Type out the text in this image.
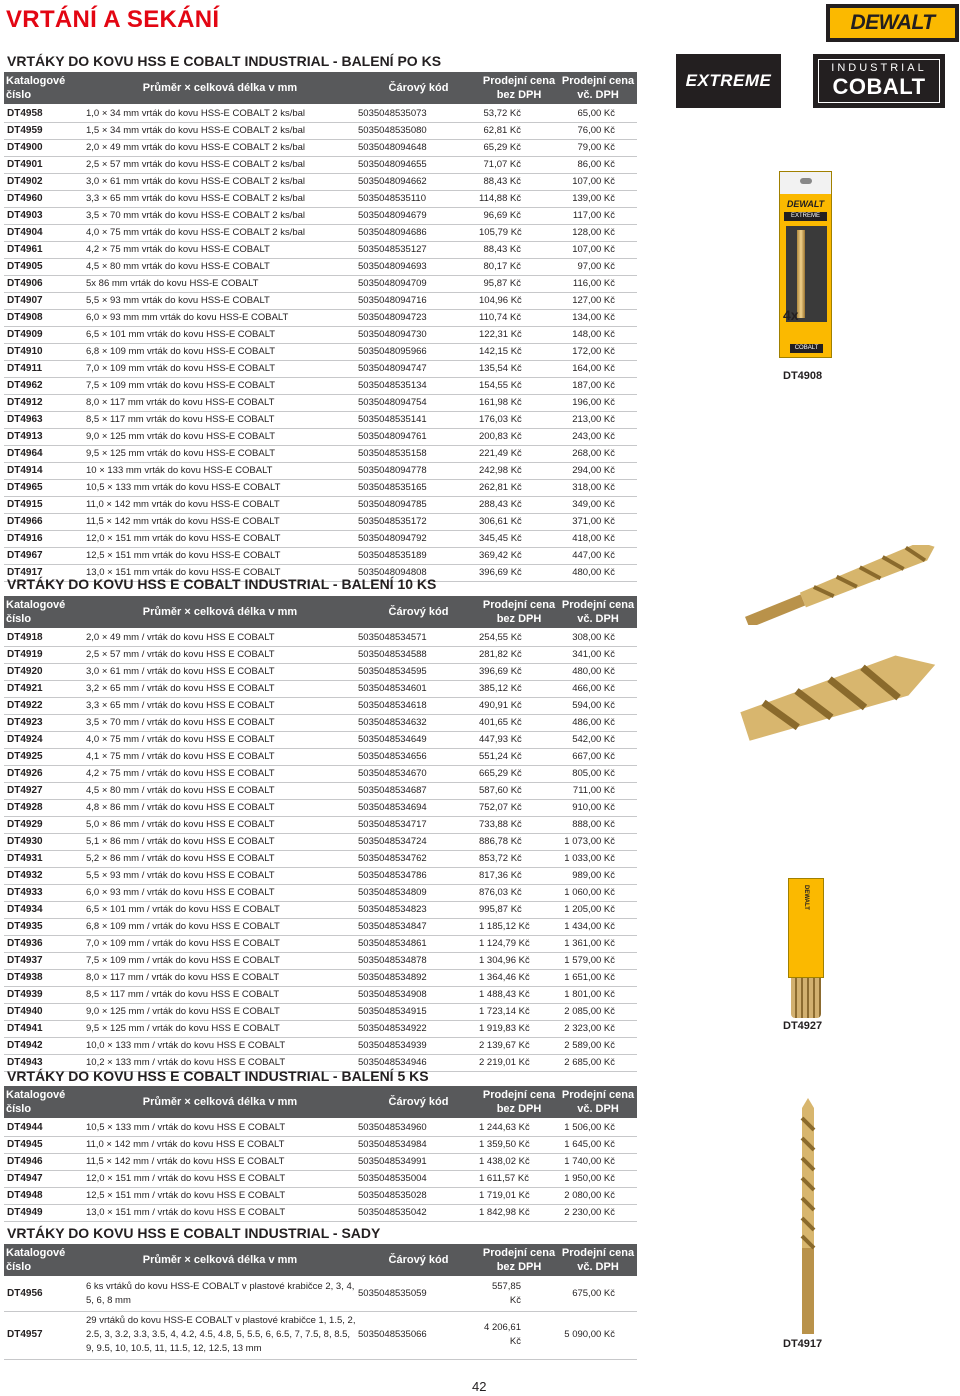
VRTÁNÍ A SEKÁNÍ	DEWALT
EXTREME
INDUSTRIAL
COBALT
VRTÁKY DO KOVU HSS E COBALT INDUSTRIAL - BALENÍ PO KS
Katalogové
číslo	Průměr × celková délka v mm	Čárový kód	Prodejní cena
bez DPH	Prodejní cena
vč. DPH
DT4958	1,0 × 34 mm vrták do kovu HSS-E COBALT 2 ks/bal	5035048535073	53,72 Kč	65,00 Kč
DT4959	1,5 × 34 mm vrták do kovu HSS-E COBALT 2 ks/bal	5035048535080	62,81 Kč	76,00 Kč
DT4900	2,0 × 49 mm vrták do kovu HSS-E COBALT 2 ks/bal	5035048094648	65,29 Kč	79,00 Kč
DT4901	2,5 × 57 mm vrták do kovu HSS-E COBALT 2 ks/bal	5035048094655	71,07 Kč	86,00 Kč
DT4902	3,0 × 61 mm vrták do kovu HSS-E COBALT 2 ks/bal	5035048094662	88,43 Kč	107,00 Kč
DT4960	3,3 × 65 mm vrták do kovu HSS-E COBALT 2 ks/bal	5035048535110	114,88 Kč	139,00 Kč
DT4903	3,5 × 70 mm vrták do kovu HSS-E COBALT 2 ks/bal	5035048094679	96,69 Kč	117,00 Kč
DT4904	4,0 × 75 mm vrták do kovu HSS-E COBALT 2 ks/bal	5035048094686	105,79 Kč	128,00 Kč
DT4961	4,2 × 75 mm vrták do kovu HSS-E COBALT	5035048535127	88,43 Kč	107,00 Kč
DT4905	4,5 × 80 mm vrták do kovu HSS-E COBALT	5035048094693	80,17 Kč	97,00 Kč
DT4906	5x 86 mm vrták do kovu HSS-E COBALT	5035048094709	95,87 Kč	116,00 Kč
DT4907	5,5 × 93 mm vrták do kovu HSS-E COBALT	5035048094716	104,96 Kč	127,00 Kč
DT4908	6,0 × 93 mm mm vrták do kovu HSS-E COBALT	5035048094723	110,74 Kč	134,00 Kč
DT4909	6,5 × 101 mm vrták do kovu HSS-E COBALT	5035048094730	122,31 Kč	148,00 Kč
DT4910	6,8 × 109 mm vrták do kovu HSS-E COBALT	5035048095966	142,15 Kč	172,00 Kč
DT4911	7,0 × 109 mm vrták do kovu HSS-E COBALT	5035048094747	135,54 Kč	164,00 Kč
DT4962	7,5 × 109 mm vrták do kovu HSS-E COBALT	5035048535134	154,55 Kč	187,00 Kč
DT4912	8,0 × 117 mm vrták do kovu HSS-E COBALT	5035048094754	161,98 Kč	196,00 Kč
DT4963	8,5 × 117 mm vrták do kovu HSS-E COBALT	5035048535141	176,03 Kč	213,00 Kč
DT4913	9,0 × 125 mm vrták do kovu HSS-E COBALT	5035048094761	200,83 Kč	243,00 Kč
DT4964	9,5 × 125 mm vrták do kovu HSS-E COBALT	5035048535158	221,49 Kč	268,00 Kč
DT4914	10 × 133 mm vrták do kovu HSS-E COBALT	5035048094778	242,98 Kč	294,00 Kč
DT4965	10,5 × 133 mm vrták do kovu HSS-E COBALT	5035048535165	262,81 Kč	318,00 Kč
DT4915	11,0 × 142 mm vrták do kovu HSS-E COBALT	5035048094785	288,43 Kč	349,00 Kč
DT4966	11,5 × 142 mm vrták do kovu HSS-E COBALT	5035048535172	306,61 Kč	371,00 Kč
DT4916	12,0 × 151 mm vrták do kovu HSS-E COBALT	5035048094792	345,45 Kč	418,00 Kč
DT4967	12,5 × 151 mm vrták do kovu HSS-E COBALT	5035048535189	369,42 Kč	447,00 Kč
DT4917	13,0 × 151 mm vrták do kovu HSS-E COBALT	5035048094808	396,69 Kč	480,00 Kč
VRTÁKY DO KOVU HSS E COBALT INDUSTRIAL - BALENÍ 10 KS
Katalogové
číslo	Průměr × celková délka v mm	Čárový kód	Prodejní cena
bez DPH	Prodejní cena
vč. DPH
DT4918	2,0 × 49 mm / vrták do kovu HSS E COBALT	5035048534571	254,55 Kč	308,00 Kč
DT4919	2,5 × 57 mm / vrták do kovu HSS E COBALT	5035048534588	281,82 Kč	341,00 Kč
DT4920	3,0 × 61 mm / vrták do kovu HSS E COBALT	5035048534595	396,69 Kč	480,00 Kč
DT4921	3,2 × 65 mm / vrták do kovu HSS E COBALT	5035048534601	385,12 Kč	466,00 Kč
DT4922	3,3 × 65 mm / vrták do kovu HSS E COBALT	5035048534618	490,91 Kč	594,00 Kč
DT4923	3,5 × 70 mm / vrták do kovu HSS E COBALT	5035048534632	401,65 Kč	486,00 Kč
DT4924	4,0 × 75 mm / vrták do kovu HSS E COBALT	5035048534649	447,93 Kč	542,00 Kč
DT4925	4,1 × 75 mm / vrták do kovu HSS E COBALT	5035048534656	551,24 Kč	667,00 Kč
DT4926	4,2 × 75 mm / vrták do kovu HSS E COBALT	5035048534670	665,29 Kč	805,00 Kč
DT4927	4,5 × 80 mm / vrták do kovu HSS E COBALT	5035048534687	587,60 Kč	711,00 Kč
DT4928	4,8 × 86 mm / vrták do kovu HSS E COBALT	5035048534694	752,07 Kč	910,00 Kč
DT4929	5,0 × 86 mm / vrták do kovu HSS E COBALT	5035048534717	733,88 Kč	888,00 Kč
DT4930	5,1 × 86 mm / vrták do kovu HSS E COBALT	5035048534724	886,78 Kč	1 073,00 Kč
DT4931	5,2 × 86 mm / vrták do kovu HSS E COBALT	5035048534762	853,72 Kč	1 033,00 Kč
DT4932	5,5 × 93 mm / vrták do kovu HSS E COBALT	5035048534786	817,36 Kč	989,00 Kč
DT4933	6,0 × 93 mm / vrták do kovu HSS E COBALT	5035048534809	876,03 Kč	1 060,00 Kč
DT4934	6,5 × 101 mm / vrták do kovu HSS E COBALT	5035048534823	995,87 Kč	1 205,00 Kč
DT4935	6,8 × 109 mm / vrták do kovu HSS E COBALT	5035048534847	1 185,12 Kč	1 434,00 Kč
DT4936	7,0 × 109 mm / vrták do kovu HSS E COBALT	5035048534861	1 124,79 Kč	1 361,00 Kč
DT4937	7,5 × 109 mm / vrták do kovu HSS E COBALT	5035048534878	1 304,96 Kč	1 579,00 Kč
DT4938	8,0 × 117 mm / vrták do kovu HSS E COBALT	5035048534892	1 364,46 Kč	1 651,00 Kč
DT4939	8,5 × 117 mm / vrták do kovu HSS E COBALT	5035048534908	1 488,43 Kč	1 801,00 Kč
DT4940	9,0 × 125 mm / vrták do kovu HSS E COBALT	5035048534915	1 723,14 Kč	2 085,00 Kč
DT4941	9,5 × 125 mm / vrták do kovu HSS E COBALT	5035048534922	1 919,83 Kč	2 323,00 Kč
DT4942	10,0 × 133 mm / vrták do kovu HSS E COBALT	5035048534939	2 139,67 Kč	2 589,00 Kč
DT4943	10,2 × 133 mm / vrták do kovu HSS E COBALT	5035048534946	2 219,01 Kč	2 685,00 Kč
VRTÁKY DO KOVU HSS E COBALT INDUSTRIAL - BALENÍ 5 KS
Katalogové
číslo	Průměr × celková délka v mm	Čárový kód	Prodejní cena
bez DPH	Prodejní cena
vč. DPH
DT4944	10,5 × 133 mm / vrták do kovu HSS E COBALT	5035048534960	1 244,63 Kč	1 506,00 Kč
DT4945	11,0 × 142 mm / vrták do kovu HSS E COBALT	5035048534984	1 359,50 Kč	1 645,00 Kč
DT4946	11,5 × 142 mm / vrták do kovu HSS E COBALT	5035048534991	1 438,02 Kč	1 740,00 Kč
DT4947	12,0 × 151 mm / vrták do kovu HSS E COBALT	5035048535004	1 611,57 Kč	1 950,00 Kč
DT4948	12,5 × 151 mm / vrták do kovu HSS E COBALT	5035048535028	1 719,01 Kč	2 080,00 Kč
DT4949	13,0 × 151 mm / vrták do kovu HSS E COBALT	5035048535042	1 842,98 Kč	2 230,00 Kč
VRTÁKY DO KOVU HSS E COBALT INDUSTRIAL - SADY
Katalogové
číslo	Průměr × celková délka v mm	Čárový kód	Prodejní cena
bez DPH	Prodejní cena
vč. DPH
DT4956	6 ks vrtáků do kovu HSS-E COBALT v plastové krabičce 2, 3, 4, 5, 6, 8 mm	5035048535059	557,85 Kč	675,00 Kč
DT4957	29 vrtáků do kovu HSS-E COBALT v plastové krabičce 1, 1.5, 2, 2.5, 3, 3.2, 3.3, 3.5, 4, 4.2, 4.5, 4.8, 5, 5.5, 6, 6.5, 7, 7.5, 8, 8.5, 9, 9.5, 10, 10.5, 11, 11.5, 12, 12.5, 13 mm	5035048535066	4 206,61 Kč	5 090,00 Kč
DEWALT
EXTREME
4x
COBALT
DT4908
DEWALT
DT4927
DT4917
42
